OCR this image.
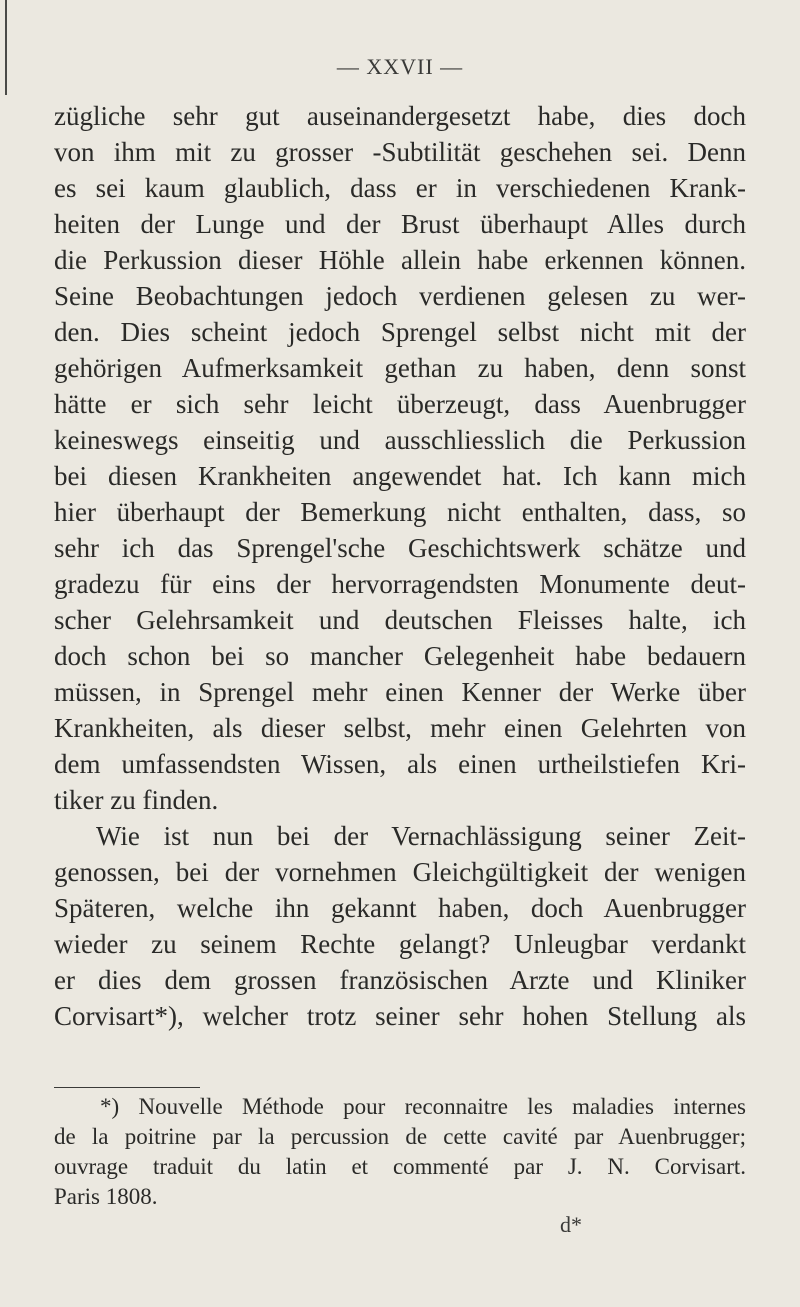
— XXVII —
zügliche sehr gut auseinandergesetzt habe, dies doch
von ihm mit zu grosser -Subtilität geschehen sei. Denn
es sei kaum glaublich, dass er in verschiedenen Krank-
heiten der Lunge und der Brust überhaupt Alles durch
die Perkussion dieser Höhle allein habe erkennen können.
Seine Beobachtungen jedoch verdienen gelesen zu wer-
den. Dies scheint jedoch Sprengel selbst nicht mit der
gehörigen Aufmerksamkeit gethan zu haben, denn sonst
hätte er sich sehr leicht überzeugt, dass Auenbrugger
keineswegs einseitig und ausschliesslich die Perkussion
bei diesen Krankheiten angewendet hat. Ich kann mich
hier überhaupt der Bemerkung nicht enthalten, dass, so
sehr ich das Sprengel'sche Geschichtswerk schätze und
gradezu für eins der hervorragendsten Monumente deut-
scher Gelehrsamkeit und deutschen Fleisses halte, ich
doch schon bei so mancher Gelegenheit habe bedauern
müssen, in Sprengel mehr einen Kenner der Werke über
Krankheiten, als dieser selbst, mehr einen Gelehrten von
dem umfassendsten Wissen, als einen urtheilstiefen Kri-
tiker zu finden.
Wie ist nun bei der Vernachlässigung seiner Zeit-
genossen, bei der vornehmen Gleichgültigkeit der wenigen
Späteren, welche ihn gekannt haben, doch Auenbrugger
wieder zu seinem Rechte gelangt? Unleugbar verdankt
er dies dem grossen französischen Arzte und Kliniker
Corvisart*), welcher trotz seiner sehr hohen Stellung als
*) Nouvelle Méthode pour reconnaitre les maladies internes
de la poitrine par la percussion de cette cavité par Auenbrugger;
ouvrage traduit du latin et commenté par J. N. Corvisart.
Paris 1808.
d*
